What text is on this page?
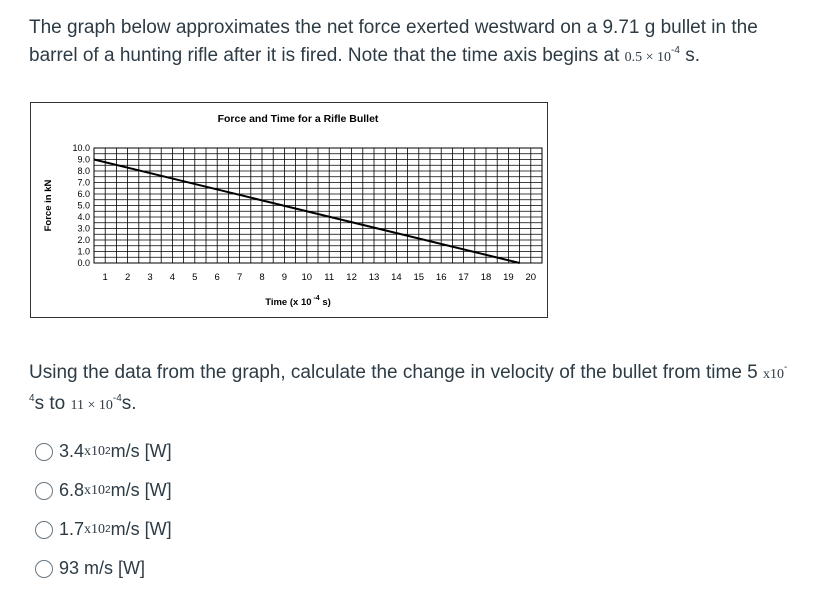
The graph below approximates the net force exerted westward on a 9.71 g bullet in the barrel of a hunting rifle after it is fired. Note that the time axis begins at $0.5 \times 10^{-4}$ s.
0.0
1.0
2.0
3.0
4.0
5.0
6.0
7.0
8.0
9.0
10.0
1 2 3 4 5 6 7 8 9 10 11 12 13 14 15 16 17 18 19 20
Force and Time for a Rifle Bullet
Force in kN
Time (x 10 $^{-4}$ s)
Using the data from the graph, calculate the change in velocity of the bullet from time 5 $x10^{-4}s$ to $11 \times 10^{-4}s$.
3.4 x10 2 m/s [W]
6.8 x10 2 m/s [W]
1.7 x10 2 m/s [W]
93 m/s [W]
